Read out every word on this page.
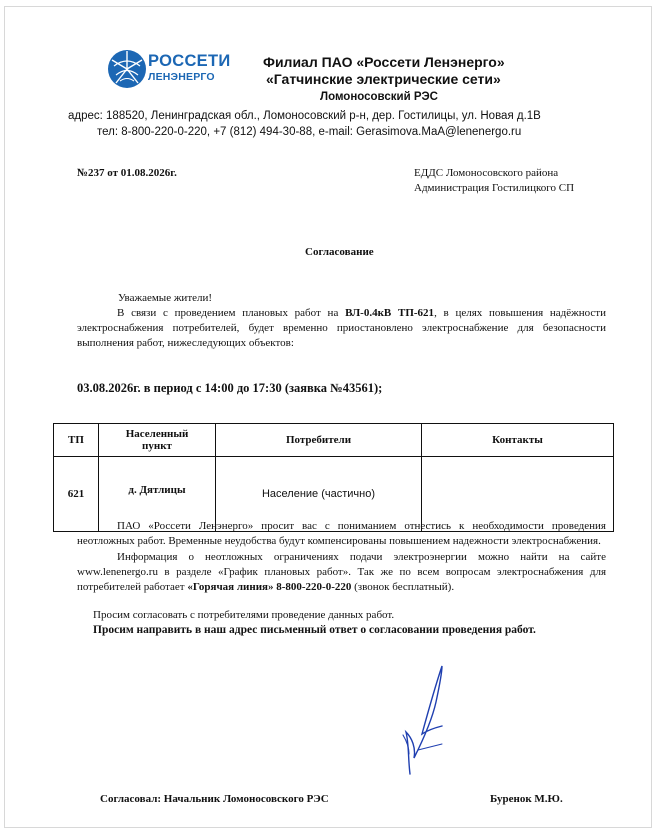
РОССЕТИ
ЛЕНЭНЕРГО
Филиал ПАО «Россети Ленэнерго»
«Гатчинские электрические сети»
Ломоносовский РЭС
адрес: 188520, Ленинградская обл., Ломоносовский р-н, дер. Гостилицы, ул. Новая д.1В
тел: 8-800-220-0-220, +7 (812) 494-30-88, e-mail: Gerasimova.MaA@lenenergo.ru
№237 от 01.08.2026г.	ЕДДС Ломоносовского района
Администрация Гостилицкого СП
Согласование
Уважаемые жители!
В связи с проведением плановых работ на ВЛ-0.4кВ ТП-621, в целях повышения надёжности электроснабжения потребителей, будет временно приостановлено электроснабжение для безопасности выполнения работ, нижеследующих объектов:
03.08.2026г. в период с 14:00 до 17:30 (заявка №43561);
ТП	Населенный пункт	Потребители	Контакты
621	д. Дятлицы	Население (частично)	
ПАО «Россети Ленэнерго» просит вас с пониманием отнестись к необходимости проведения неотложных работ. Временные неудобства будут компенсированы повышением надежности электроснабжения.
Информация о неотложных ограничениях подачи электроэнергии можно найти на сайте www.lenenergo.ru в разделе «График плановых работ». Так же по всем вопросам электроснабжения для потребителей работает «Горячая линия» 8-800-220-0-220 (звонок бесплатный).
Просим согласовать с потребителями проведение данных работ.
Просим направить в наш адрес письменный ответ о согласовании проведения работ.
Согласовал: Начальник Ломоносовского РЭС	Буренок М.Ю.
